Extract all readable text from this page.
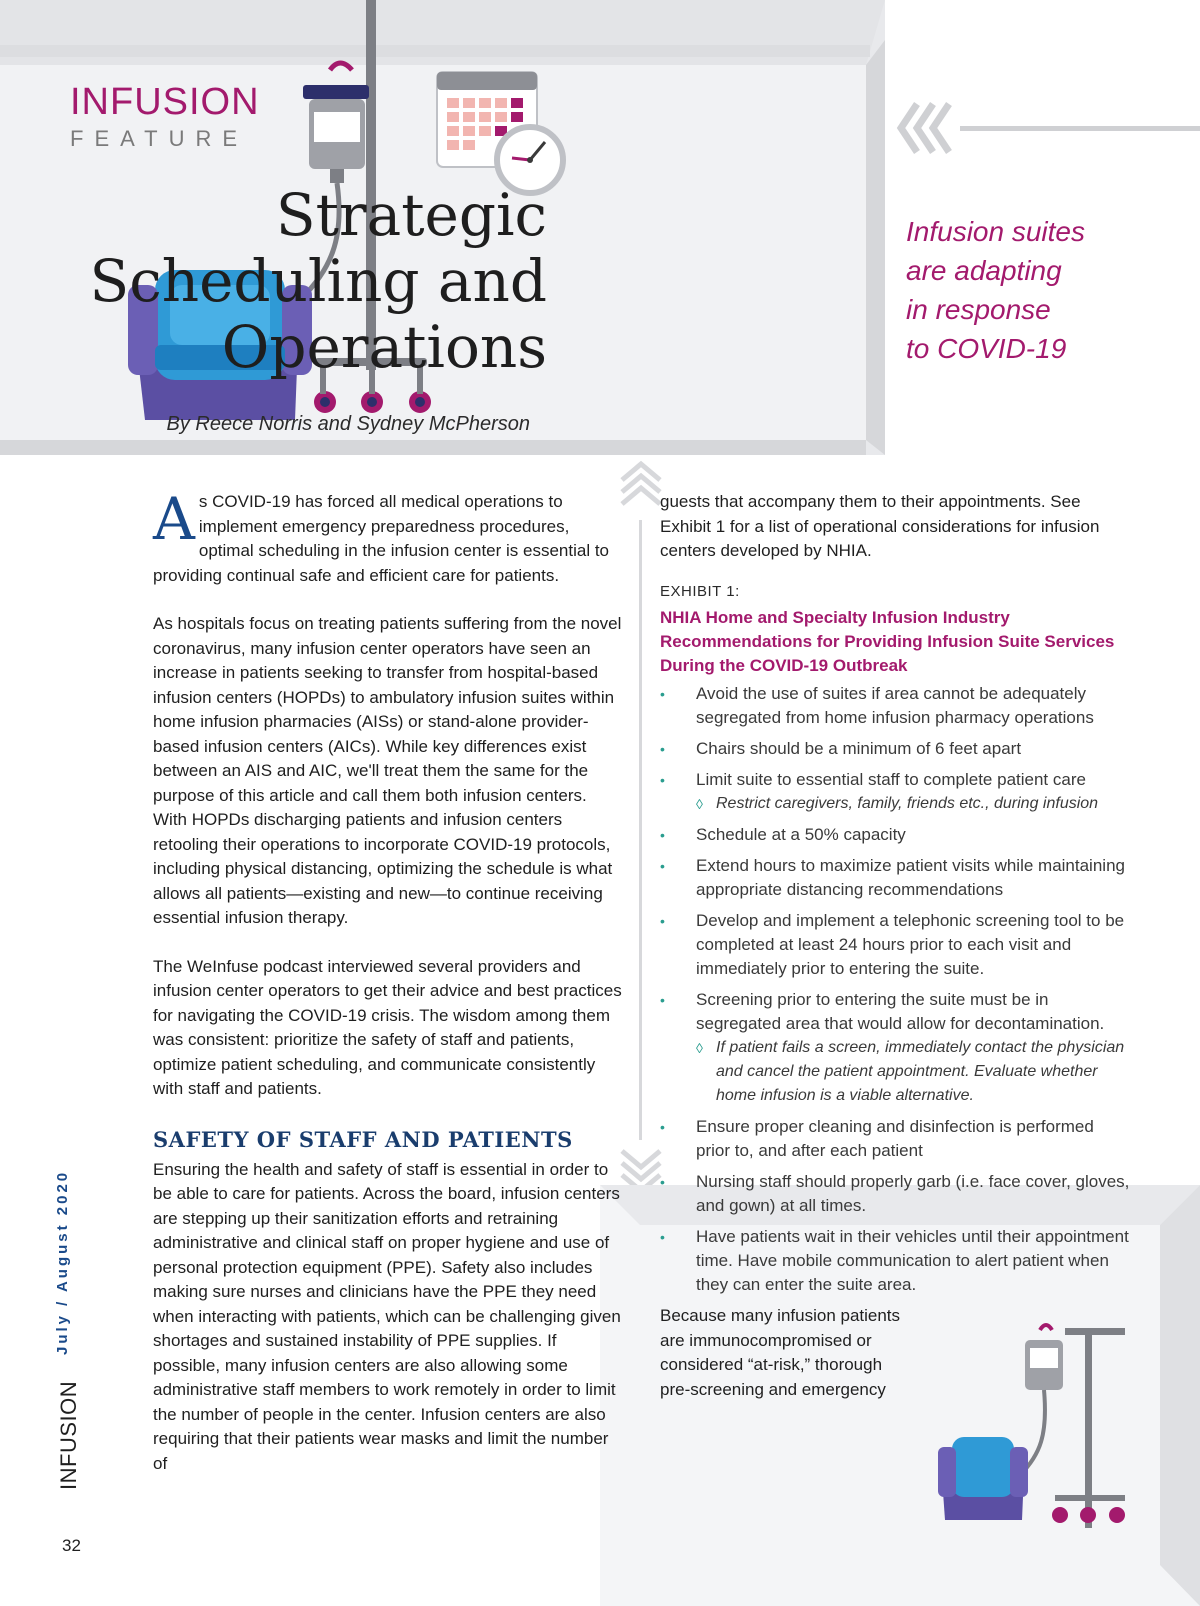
INFUSION
FEATURE
Strategic
Scheduling and
Operations
By Reece Norris and Sydney McPherson
Infusion suites
are adapting
in response
to COVID-19

As COVID-19 has forced all medical operations to implement emergency preparedness procedures, optimal scheduling in the infusion center is essential to providing continual safe and efficient care for patients.

As hospitals focus on treating patients suffering from the novel coronavirus, many infusion center operators have seen an increase in patients seeking to transfer from hospital-based infusion centers (HOPDs) to ambulatory infusion suites within home infusion pharmacies (AISs) or stand-alone provider-based infusion centers (AICs). While key differences exist between an AIS and AIC, we'll treat them the same for the purpose of this article and call them both infusion centers. With HOPDs discharging patients and infusion centers retooling their operations to incorporate COVID-19 protocols, including physical distancing, optimizing the schedule is what allows all patients—existing and new—to continue receiving essential infusion therapy.

The WeInfuse podcast interviewed several providers and infusion center operators to get their advice and best practices for navigating the COVID-19 crisis. The wisdom among them was consistent: prioritize the safety of staff and patients, optimize patient scheduling, and communicate consistently with staff and patients.

SAFETY OF STAFF AND PATIENTS

Ensuring the health and safety of staff is essential in order to be able to care for patients. Across the board, infusion centers are stepping up their sanitization efforts and retraining administrative and clinical staff on proper hygiene and use of personal protection equipment (PPE). Safety also includes making sure nurses and clinicians have the PPE they need when interacting with patients, which can be challenging given shortages and sustained instability of PPE supplies. If possible, many infusion centers are also allowing some administrative staff members to work remotely in order to limit the number of people in the center. Infusion centers are also requiring that their patients wear masks and limit the number of

guests that accompany them to their appointments. See Exhibit 1 for a list of operational considerations for infusion centers developed by NHIA.

EXHIBIT 1:
NHIA Home and Specialty Infusion Industry Recommendations for Providing Infusion Suite Services During the COVID-19 Outbreak
• Avoid the use of suites if area cannot be adequately segregated from home infusion pharmacy operations
• Chairs should be a minimum of 6 feet apart
• Limit suite to essential staff to complete patient care
◊ Restrict caregivers, family, friends etc., during infusion
• Schedule at a 50% capacity
• Extend hours to maximize patient visits while maintaining appropriate distancing recommendations
• Develop and implement a telephonic screening tool to be completed at least 24 hours prior to each visit and immediately prior to entering the suite.
• Screening prior to entering the suite must be in segregated area that would allow for decontamination.
◊ If patient fails a screen, immediately contact the physician and cancel the patient appointment. Evaluate whether home infusion is a viable alternative.
• Ensure proper cleaning and disinfection is performed prior to, and after each patient
• Nursing staff should properly garb (i.e. face cover, gloves, and gown) at all times.
• Have patients wait in their vehicles until their appointment time. Have mobile communication to alert patient when they can enter the suite area.

Because many infusion patients are immunocompromised or considered “at-risk,” thorough pre-screening and emergency

July / August 2020
INFUSION
32
